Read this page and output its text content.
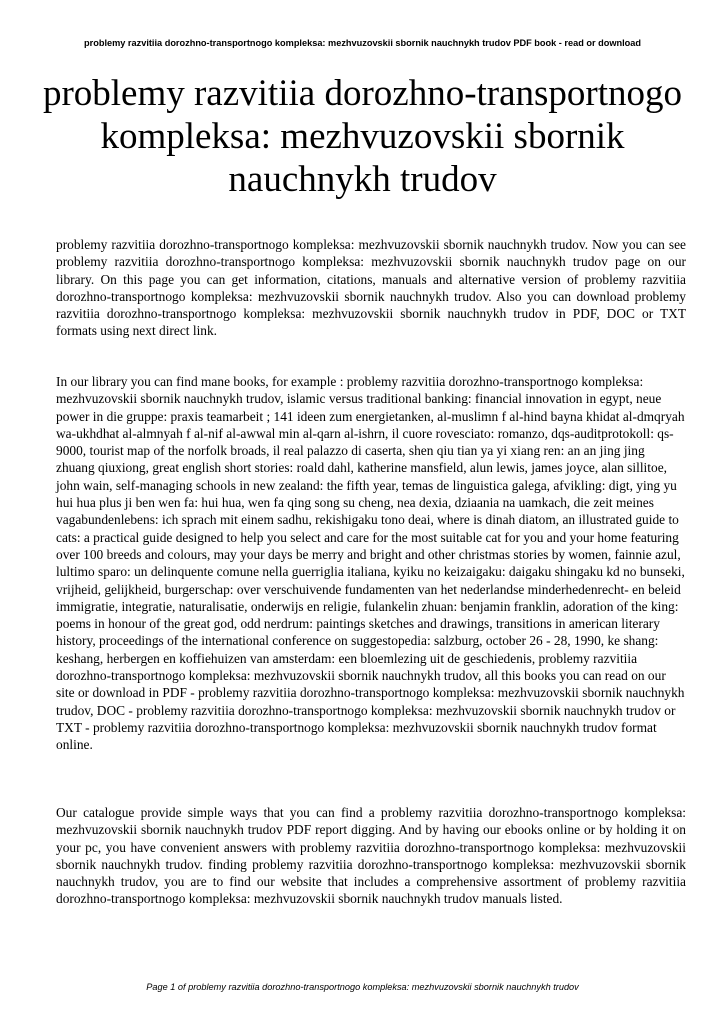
problemy razvitiia dorozhno-transportnogo kompleksa: mezhvuzovskii sbornik nauchnykh trudov PDF book - read or download
problemy razvitiia dorozhno-transportnogo kompleksa: mezhvuzovskii sbornik nauchnykh trudov

problemy razvitiia dorozhno-transportnogo kompleksa: mezhvuzovskii sbornik nauchnykh trudov. Now you can see problemy razvitiia dorozhno-transportnogo kompleksa: mezhvuzovskii sbornik nauchnykh trudov page on our library. On this page you can get information, citations, manuals and alternative version of problemy razvitiia dorozhno-transportnogo kompleksa: mezhvuzovskii sbornik nauchnykh trudov. Also you can download problemy razvitiia dorozhno-transportnogo kompleksa: mezhvuzovskii sbornik nauchnykh trudov in PDF, DOC or TXT formats using next direct link.

In our library you can find mane books, for example : problemy razvitiia dorozhno-transportnogo kompleksa: mezhvuzovskii sbornik nauchnykh trudov, islamic versus traditional banking: financial innovation in egypt, neue power in die gruppe: praxis teamarbeit ; 141 ideen zum energietanken, al-muslimn f al-hind bayna khidat al-dmqryah wa-ukhdhat al-almnyah f al-nif al-awwal min al-qarn al-ishrn, il cuore rovesciato: romanzo, dqs-auditprotokoll: qs-9000, tourist map of the norfolk broads, il real palazzo di caserta, shen qiu tian ya yi xiang ren: an an jing jing zhuang qiuxiong, great english short stories: roald dahl, katherine mansfield, alun lewis, james joyce, alan sillitoe, john wain, self-managing schools in new zealand: the fifth year, temas de linguistica galega, afvikling: digt, ying yu hui hua plus ji ben wen fa: hui hua, wen fa qing song su cheng, nea dexia, dziaania na uamkach, die zeit meines vagabundenlebens: ich sprach mit einem sadhu, rekishigaku tono deai, where is dinah diatom, an illustrated guide to cats: a practical guide designed to help you select and care for the most suitable cat for you and your home featuring over 100 breeds and colours, may your days be merry and bright and other christmas stories by women, fainnie azul, lultimo sparo: un delinquente comune nella guerriglia italiana, kyiku no keizaigaku: daigaku shingaku kd no bunseki, vrijheid, gelijkheid, burgerschap: over verschuivende fundamenten van het nederlandse minderhedenrecht- en beleid immigratie, integratie, naturalisatie, onderwijs en religie, fulankelin zhuan: benjamin franklin, adoration of the king: poems in honour of the great god, odd nerdrum: paintings sketches and drawings, transitions in american literary history, proceedings of the international conference on suggestopedia: salzburg, october 26 - 28, 1990, ke shang: keshang, herbergen en koffiehuizen van amsterdam: een bloemlezing uit de geschiedenis, problemy razvitiia dorozhno-transportnogo kompleksa: mezhvuzovskii sbornik nauchnykh trudov, all this books you can read on our site or download in PDF - problemy razvitiia dorozhno-transportnogo kompleksa: mezhvuzovskii sbornik nauchnykh trudov, DOC - problemy razvitiia dorozhno-transportnogo kompleksa: mezhvuzovskii sbornik nauchnykh trudov or TXT - problemy razvitiia dorozhno-transportnogo kompleksa: mezhvuzovskii sbornik nauchnykh trudov format online.

Our catalogue provide simple ways that you can find a problemy razvitiia dorozhno-transportnogo kompleksa: mezhvuzovskii sbornik nauchnykh trudov PDF report digging. And by having our ebooks online or by holding it on your pc, you have convenient answers with problemy razvitiia dorozhno-transportnogo kompleksa: mezhvuzovskii sbornik nauchnykh trudov. finding problemy razvitiia dorozhno-transportnogo kompleksa: mezhvuzovskii sbornik nauchnykh trudov, you are to find our website that includes a comprehensive assortment of problemy razvitiia dorozhno-transportnogo kompleksa: mezhvuzovskii sbornik nauchnykh trudov manuals listed.

Page 1 of problemy razvitiia dorozhno-transportnogo kompleksa: mezhvuzovskii sbornik nauchnykh trudov
